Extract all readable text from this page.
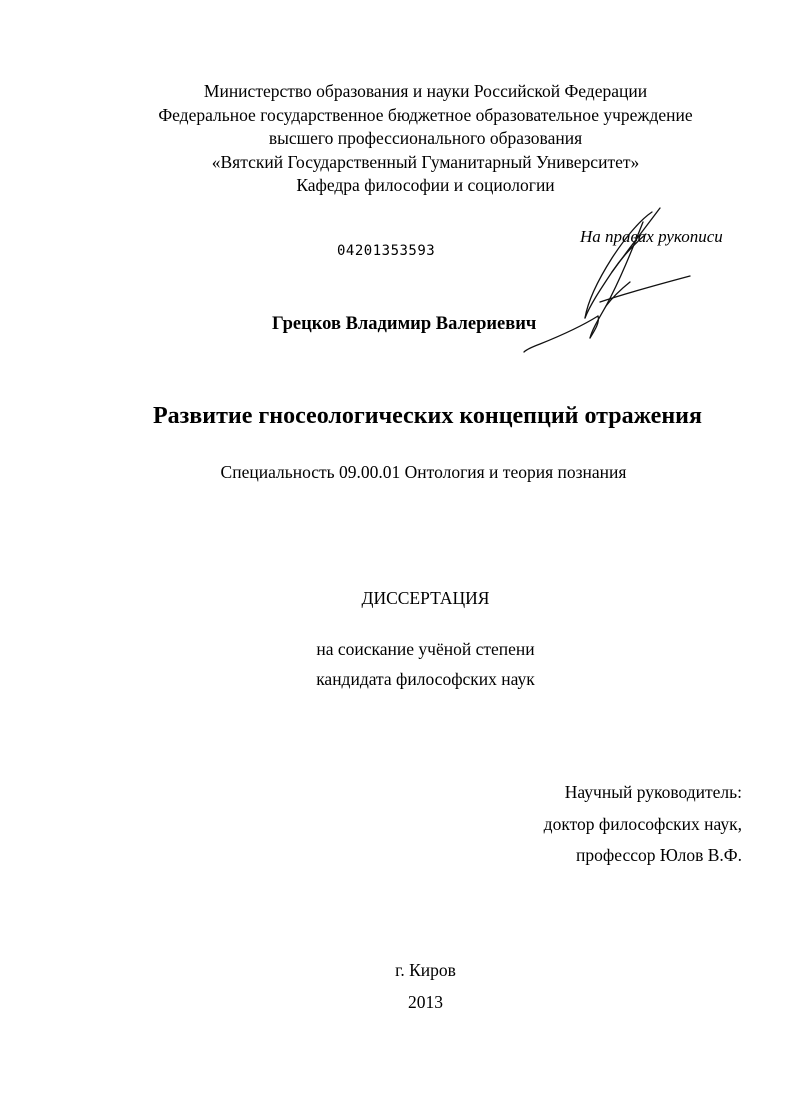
Министерство образования и науки Российской Федерации
Федеральное государственное бюджетное образовательное учреждение
высшего профессионального образования
«Вятский Государственный Гуманитарный Университет»
Кафедра философии и социологии
04201353593
На правах рукописи
Грецков Владимир Валериевич
Развитие гносеологических концепций отражения
Специальность 09.00.01 Онтология и теория познания
ДИССЕРТАЦИЯ
на соискание учёной степени
кандидата философских наук
Научный руководитель:
доктор философских наук,
профессор Юлов В.Ф.
г. Киров
2013
